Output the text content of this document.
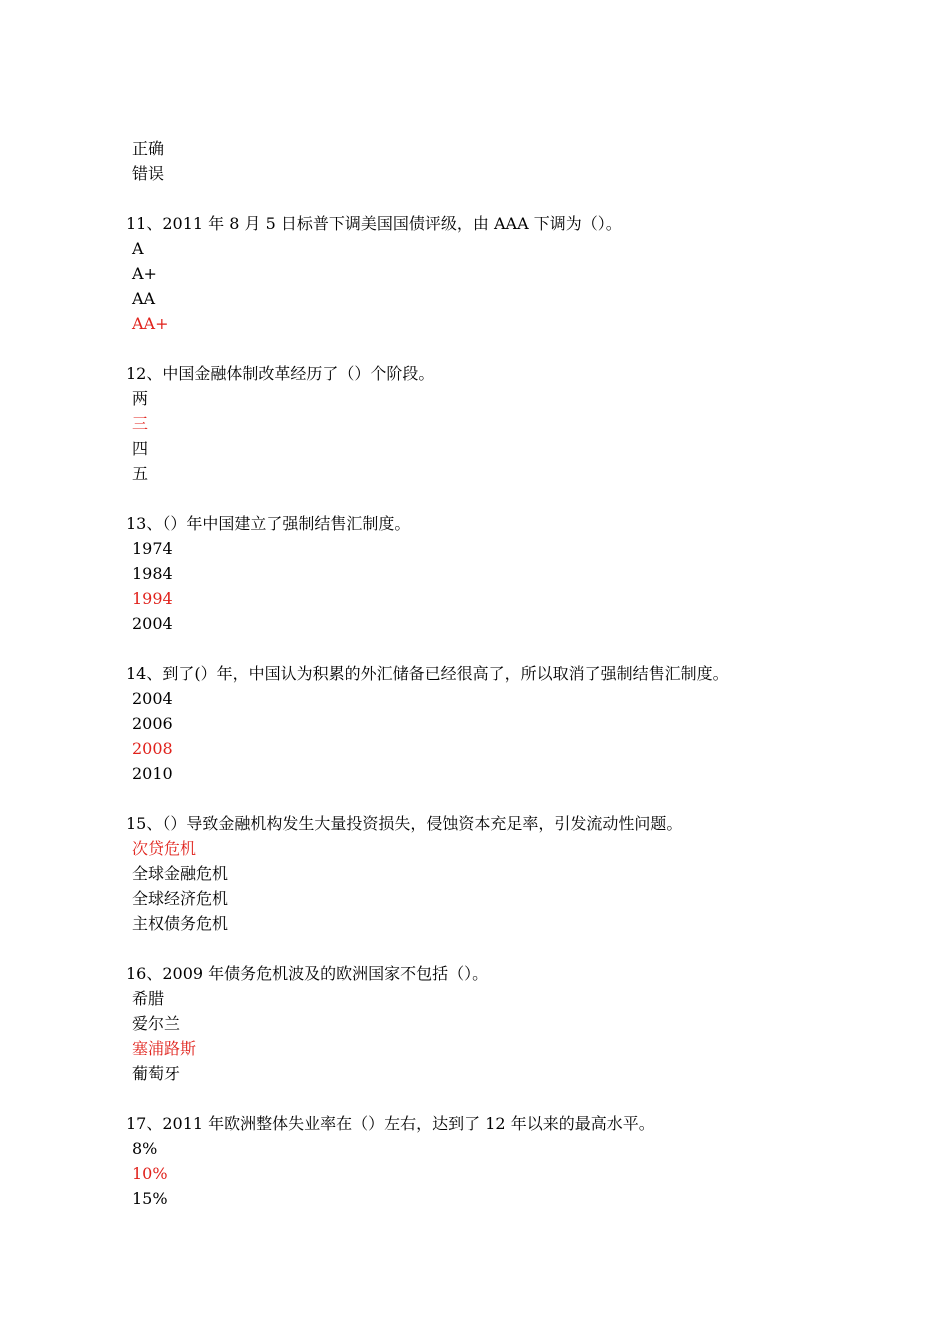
正确
错误
11、2011 年 8 月 5 日标普下调美国国债评级，由 AAA 下调为（）。
A
A+
AA
AA+
12、中国金融体制改革经历了（）个阶段。
两
三
四
五
13、（）年中国建立了强制结售汇制度。
1974
1984
1994
2004
14、到了(）年，中国认为积累的外汇储备已经很高了，所以取消了强制结售汇制度。
2004
2006
2008
2010
15、（）导致金融机构发生大量投资损失，侵蚀资本充足率，引发流动性问题。
次贷危机
全球金融危机
全球经济危机
主权债务危机
16、2009 年债务危机波及的欧洲国家不包括（）。
希腊
爱尔兰
塞浦路斯
葡萄牙
17、2011 年欧洲整体失业率在（）左右，达到了 12 年以来的最高水平。
8%
10%
15%
